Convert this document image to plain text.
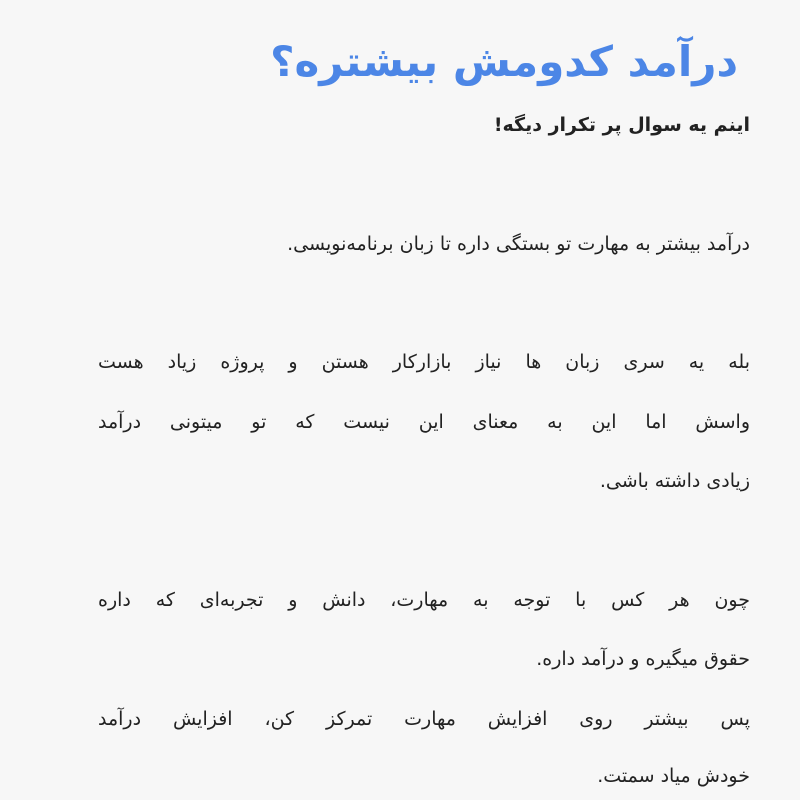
درآمد کدومش بیشتره؟
اینم یه سوال پر تکرار دیگه!
درآمد بیشتر به مهارت تو بستگی داره تا زبان برنامه‌نویسی.
بله یه سری زبان ها نیاز بازارکار هستن و پروژه زیاد هست
واسش اما این به معنای این نیست که تو میتونی درآمد
زیادی داشته باشی.
چون هر کس با توجه به مهارت، دانش و تجربه‌ای که داره
حقوق میگیره و درآمد داره.
پس بیشتر روی افزایش مهارت تمرکز کن، افزایش درآمد
خودش میاد سمتت.
